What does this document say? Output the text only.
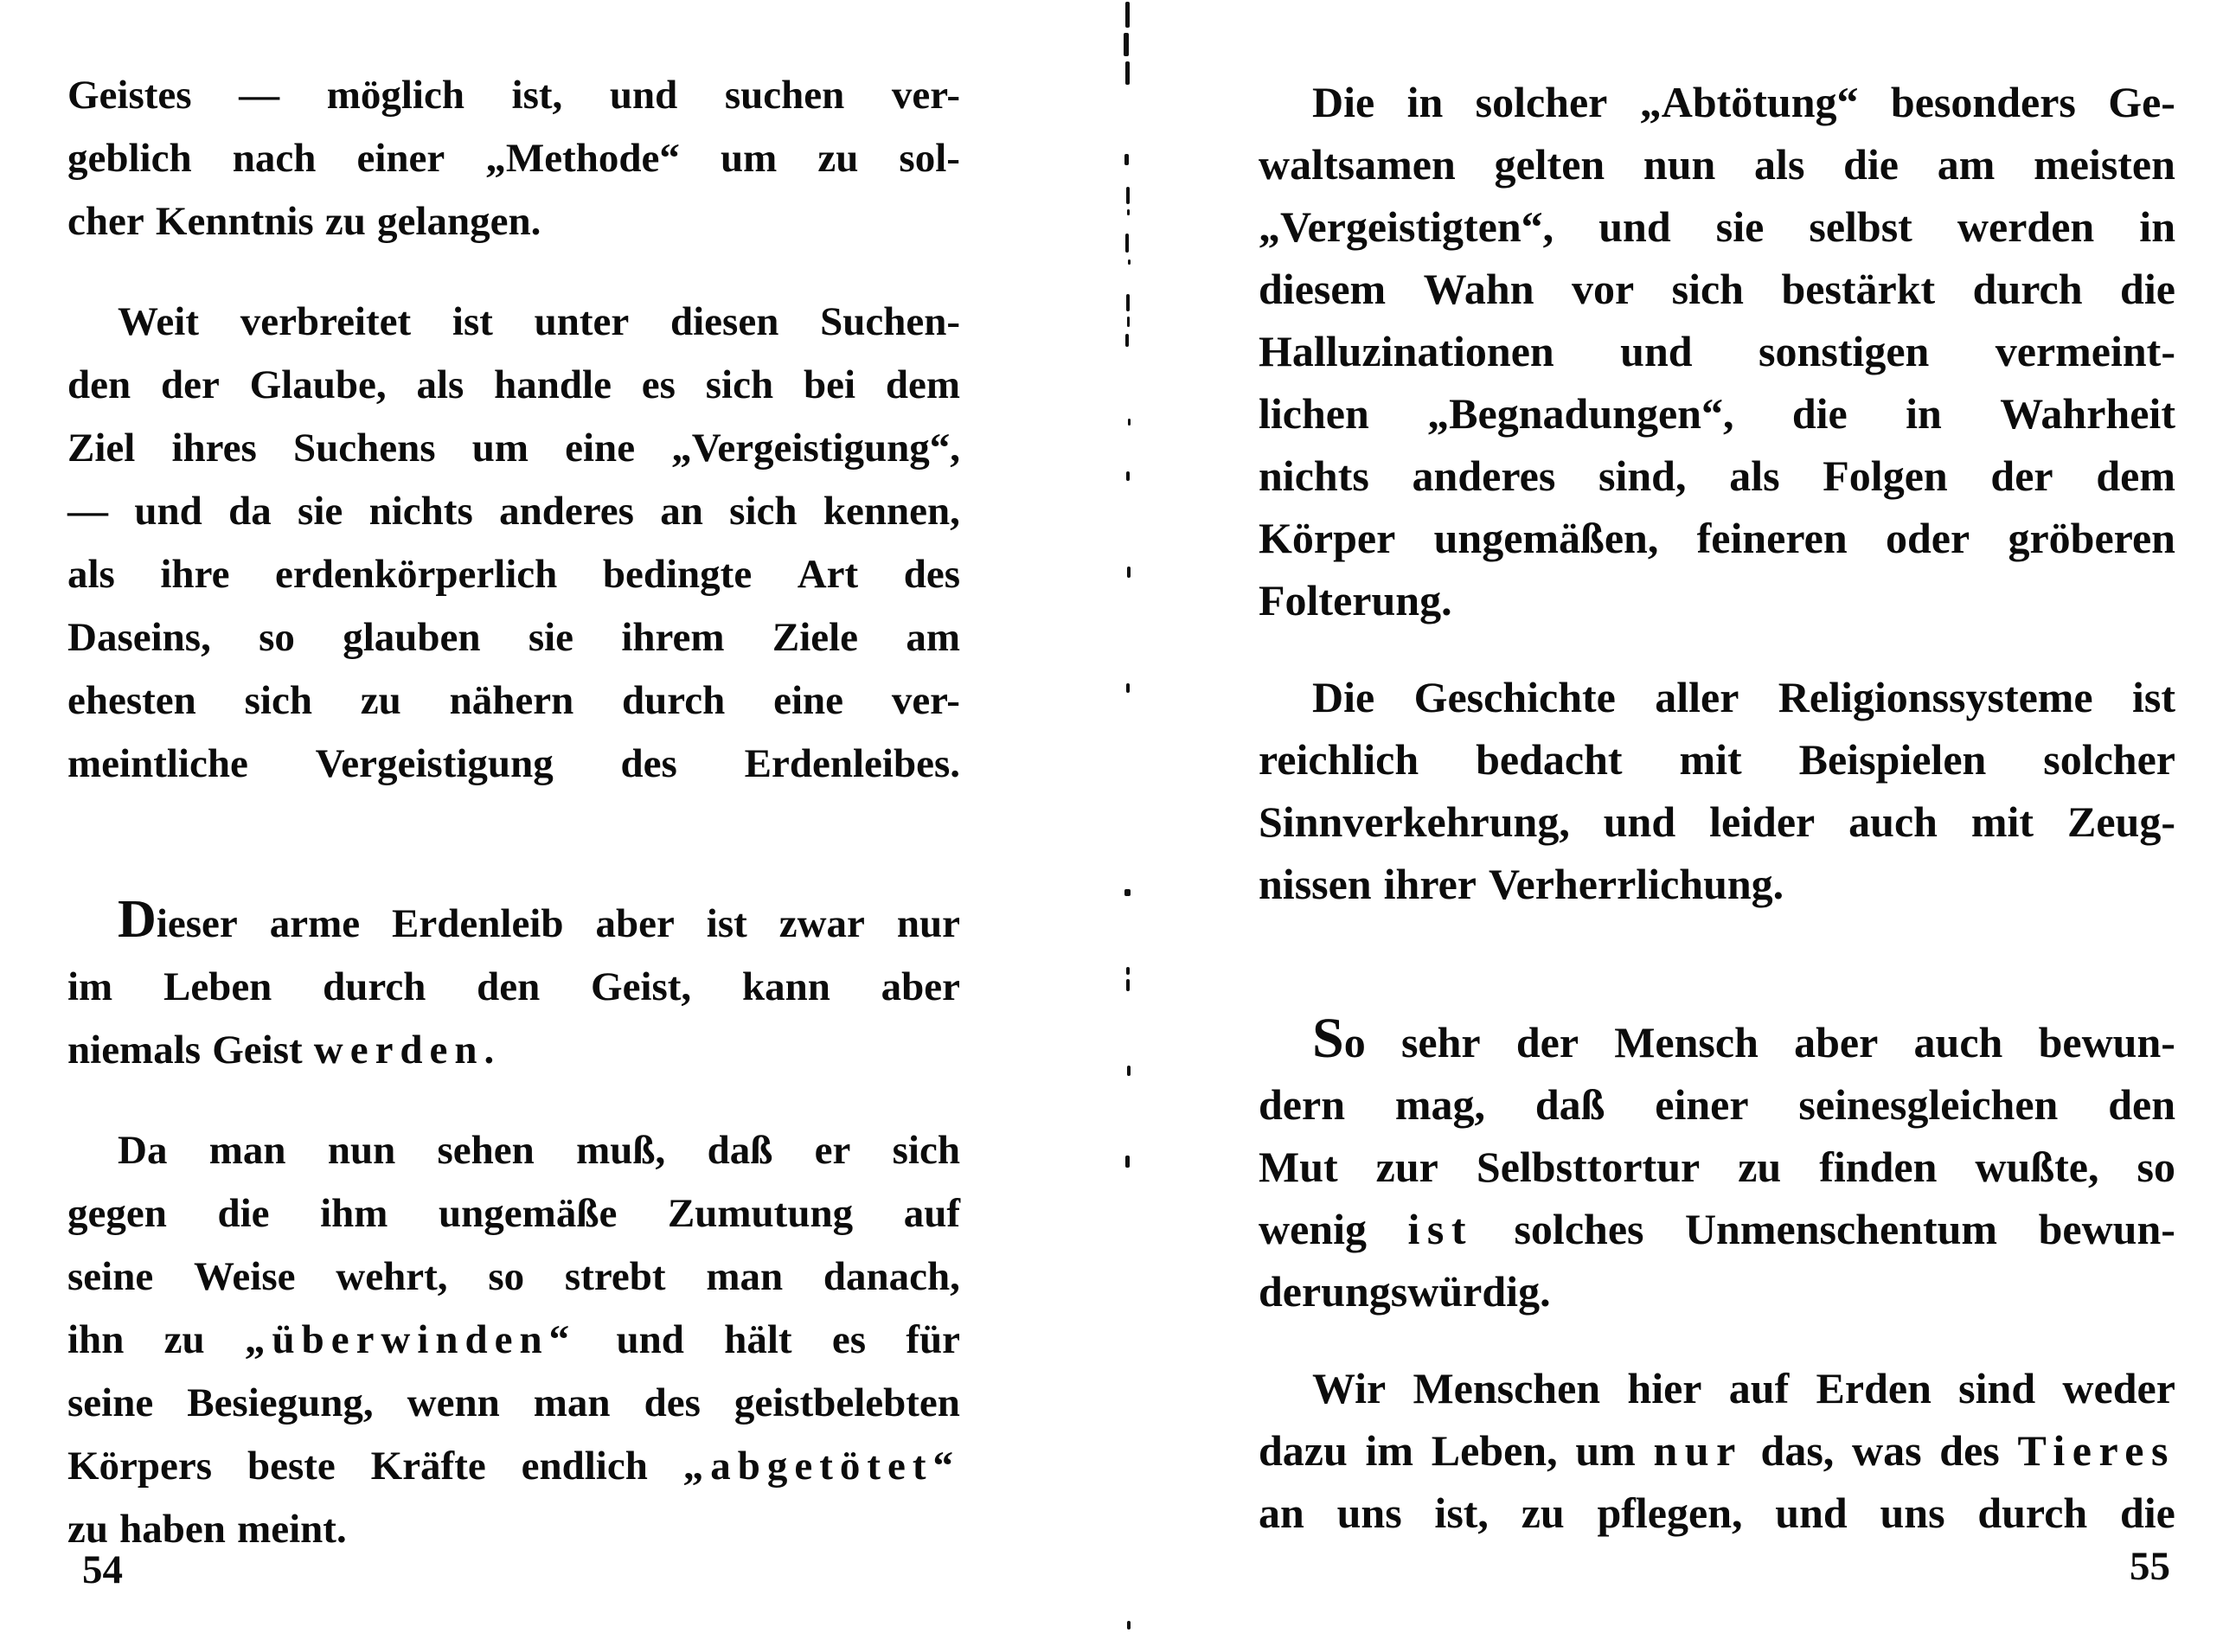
Geistes — möglich ist, und suchen ver-
geblich nach einer „Methode“ um zu sol-
cher Kenntnis zu gelangen.
Weit verbreitet ist unter diesen Suchen-
den der Glaube, als handle es sich bei dem
Ziel ihres Suchens um eine „Vergeistigung“,
— und da sie nichts anderes an sich kennen,
als ihre erdenkörperlich bedingte Art des
Daseins, so glauben sie ihrem Ziele am
ehesten sich zu nähern durch eine ver-
meintliche Vergeistigung des Erdenleibes.
Dieser arme Erdenleib aber ist zwar nur
im Leben durch den Geist, kann aber
niemals Geist werden.
Da man nun sehen muß, daß er sich
gegen die ihm ungemäße Zumutung auf
seine Weise wehrt, so strebt man danach,
ihn zu „überwinden“ und hält es für
seine Besiegung, wenn man des geistbelebten
Körpers beste Kräfte endlich „abgetötet“
zu haben meint.
Die in solcher „Abtötung“ besonders Ge-
waltsamen gelten nun als die am meisten
„Vergeistigten“, und sie selbst werden in
diesem Wahn vor sich bestärkt durch die
Halluzinationen und sonstigen vermeint-
lichen „Begnadungen“, die in Wahrheit
nichts anderes sind, als Folgen der dem
Körper ungemäßen, feineren oder gröberen
Folterung.
Die Geschichte aller Religionssysteme ist
reichlich bedacht mit Beispielen solcher
Sinnverkehrung, und leider auch mit Zeug-
nissen ihrer Verherrlichung.
So sehr der Mensch aber auch bewun-
dern mag, daß einer seinesgleichen den
Mut zur Selbsttortur zu finden wußte, so
wenig ist solches Unmenschentum bewun-
derungswürdig.
Wir Menschen hier auf Erden sind weder
dazu im Leben, um nur das, was des Tieres
an uns ist, zu pflegen, und uns durch die
54	55
